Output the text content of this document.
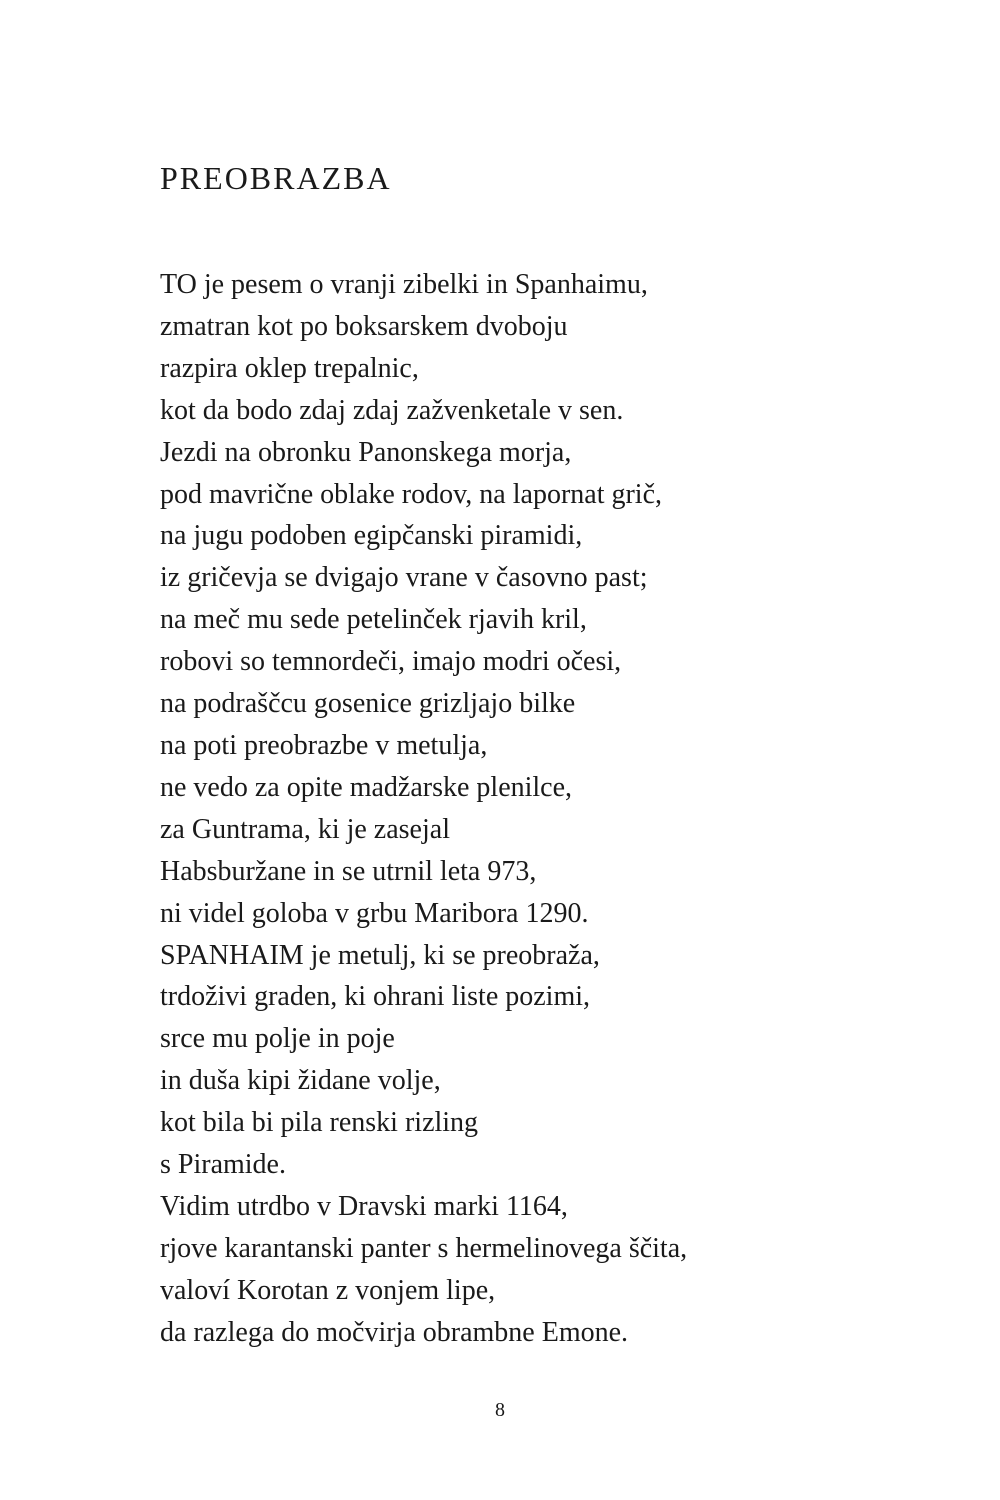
PREOBRAZBA
TO je pesem o vranji zibelki in Spanhaimu,
zmatran kot po boksarskem dvoboju
razpira oklep trepalnic,
kot da bodo zdaj zdaj zažvenketale v sen.
Jezdi na obronku Panonskega morja,
pod mavrične oblake rodov, na lapornat grič,
na jugu podoben egipčanski piramidi,
iz gričevja se dvigajo vrane v časovno past;
na meč mu sede petelinček rjavih kril,
robovi so temnordeči, imajo modri očesi,
na podraščcu gosenice grizljajo bilke
na poti preobrazbe v metulja,
ne vedo za opite madžarske plenilce,
za Guntrama, ki je zasejal
Habsburžane in se utrnil leta 973,
ni videl goloba v grbu Maribora 1290.
SPANHAIM je metulj, ki se preobraža,
trdoživi graden, ki ohrani liste pozimi,
srce mu polje in poje
in duša kipi židane volje,
kot bila bi pila renski rizling
s Piramide.
Vidim utrdbo v Dravski marki 1164,
rjove karantanski panter s hermelinovega ščita,
valoví Korotan z vonjem lipe,
da razlega do močvirja obrambne Emone.
8
